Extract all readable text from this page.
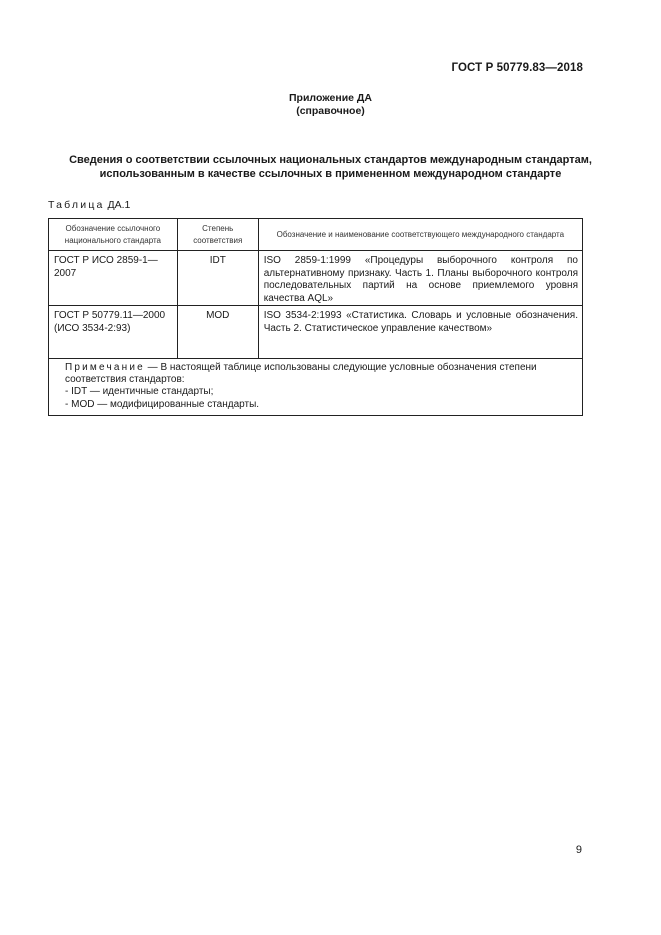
ГОСТ Р 50779.83—2018
Приложение ДА
(справочное)
Сведения о соответствии ссылочных национальных стандартов международным стандартам,
использованным в качестве ссылочных в примененном международном стандарте
Таблица ДА.1
Обозначение ссылочного национального стандарта	Степень соответствия	Обозначение и наименование соответствующего международного стандарта
ГОСТ Р ИСО 2859-1—2007	IDT	ISO 2859-1:1999 «Процедуры выборочного контроля по альтернативному признаку. Часть 1. Планы выборочного контроля последовательных партий на основе приемлемого уровня качества AQL»

ГОСТ Р 50779.11—2000
(ИСО 3534-2:93)	MOD	ISO 3534-2:1993 «Статистика. Словарь и условные обозначения. Часть 2. Статистическое управление качеством»

Примечание — В настоящей таблице использованы следующие условные обозначения степени соответствия стандартов:
- IDT — идентичные стандарты;
- MOD — модифицированные стандарты.		
9
